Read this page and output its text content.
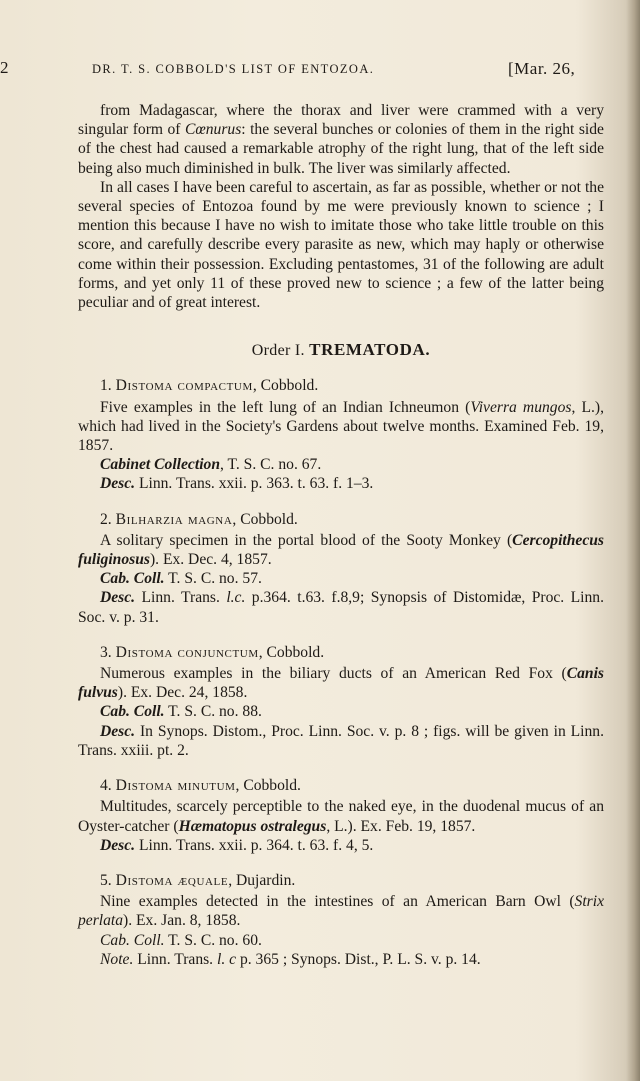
2	DR. T. S. COBBOLD'S LIST OF ENTOZOA.	[Mar. 26,

from Madagascar, where the thorax and liver were crammed with a very singular form of Cœnurus: the several bunches or colonies of them in the right side of the chest had caused a remarkable atrophy of the right lung, that of the left side being also much diminished in bulk. The liver was similarly affected.

In all cases I have been careful to ascertain, as far as possible, whether or not the several species of Entozoa found by me were previously known to science ; I mention this because I have no wish to imitate those who take little trouble on this score, and carefully describe every parasite as new, which may haply or otherwise come within their possession. Excluding pentastomes, 31 of the following are adult forms, and yet only 11 of these proved new to science ; a few of the latter being peculiar and of great interest.

Order I. TREMATODA.
1. Distoma compactum, Cobbold.

Five examples in the left lung of an Indian Ichneumon (Viverra mungos, L.), which had lived in the Society's Gardens about twelve months. Examined Feb. 19, 1857.

Cabinet Collection, T. S. C. no. 67.
Desc. Linn. Trans. xxii. p. 363. t. 63. f. 1–3.
2. Bilharzia magna, Cobbold.

A solitary specimen in the portal blood of the Sooty Monkey (Cercopithecus fuliginosus). Ex. Dec. 4, 1857.

Cab. Coll. T. S. C. no. 57.

Desc. Linn. Trans. l.c. p.364. t.63. f.8,9; Synopsis of Distomidæ, Proc. Linn. Soc. v. p. 31.

3. Distoma conjunctum, Cobbold.

Numerous examples in the biliary ducts of an American Red Fox (Canis fulvus). Ex. Dec. 24, 1858.

Cab. Coll. T. S. C. no. 88.

Desc. In Synops. Distom., Proc. Linn. Soc. v. p. 8 ; figs. will be given in Linn. Trans. xxiii. pt. 2.

4. Distoma minutum, Cobbold.

Multitudes, scarcely perceptible to the naked eye, in the duodenal mucus of an Oyster-catcher (Hæmatopus ostralegus, L.). Ex. Feb. 19, 1857.

Desc. Linn. Trans. xxii. p. 364. t. 63. f. 4, 5.
5. Distoma æquale, Dujardin.

Nine examples detected in the intestines of an American Barn Owl (Strix perlata). Ex. Jan. 8, 1858.

Cab. Coll. T. S. C. no. 60.
Note. Linn. Trans. l. c p. 365 ; Synops. Dist., P. L. S. v. p. 14.
